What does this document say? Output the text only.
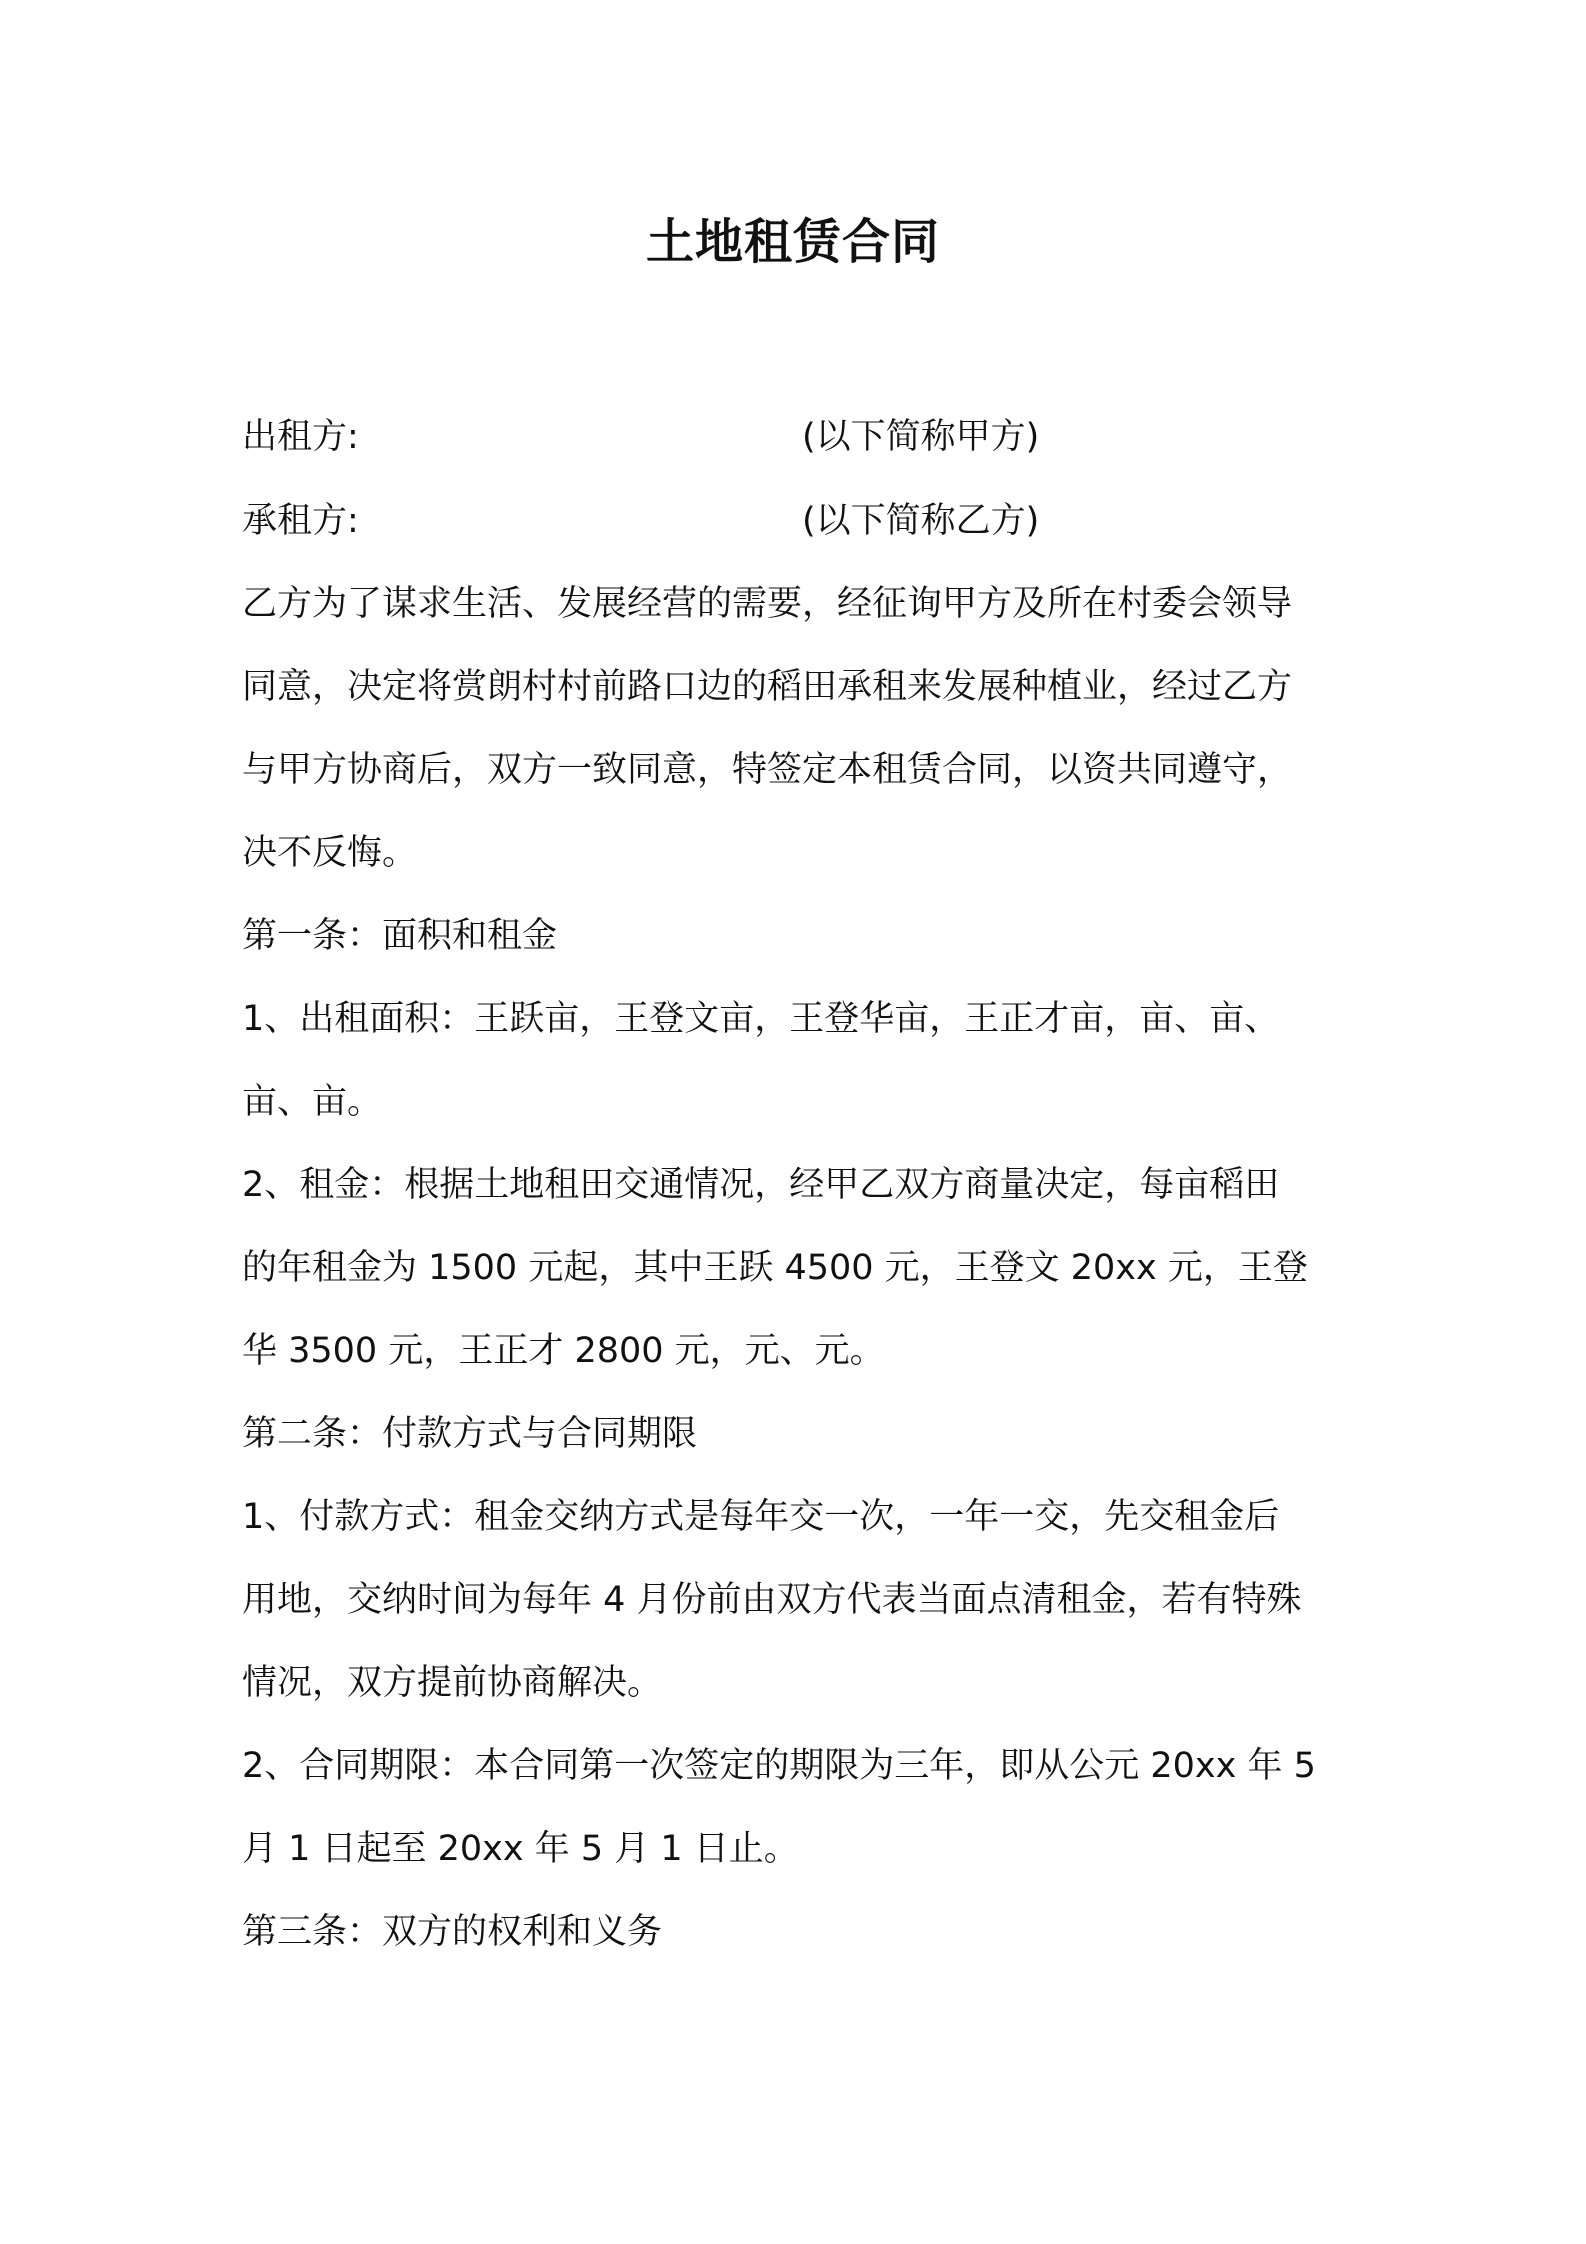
土地租赁合同
出租方:	(以下简称甲方)
承租方:	(以下简称乙方)
乙方为了谋求生活、发展经营的需要，经征询甲方及所在村委会领导
同意，决定将赏朗村村前路口边的稻田承租来发展种植业，经过乙方
与甲方协商后，双方一致同意，特签定本租赁合同，以资共同遵守，
决不反悔。
第一条：面积和租金
1、出租面积：王跃亩，王登文亩，王登华亩，王正才亩，亩、亩、
亩、亩。
2、租金：根据土地租田交通情况，经甲乙双方商量决定，每亩稻田
的年租金为 1500 元起，其中王跃 4500 元，王登文 20xx 元，王登
华 3500 元，王正才 2800 元，元、元。
第二条：付款方式与合同期限
1、付款方式：租金交纳方式是每年交一次，一年一交，先交租金后
用地，交纳时间为每年 4 月份前由双方代表当面点清租金，若有特殊
情况，双方提前协商解决。
2、合同期限：本合同第一次签定的期限为三年，即从公元 20xx 年 5
月 1 日起至 20xx 年 5 月 1 日止。
第三条：双方的权利和义务
